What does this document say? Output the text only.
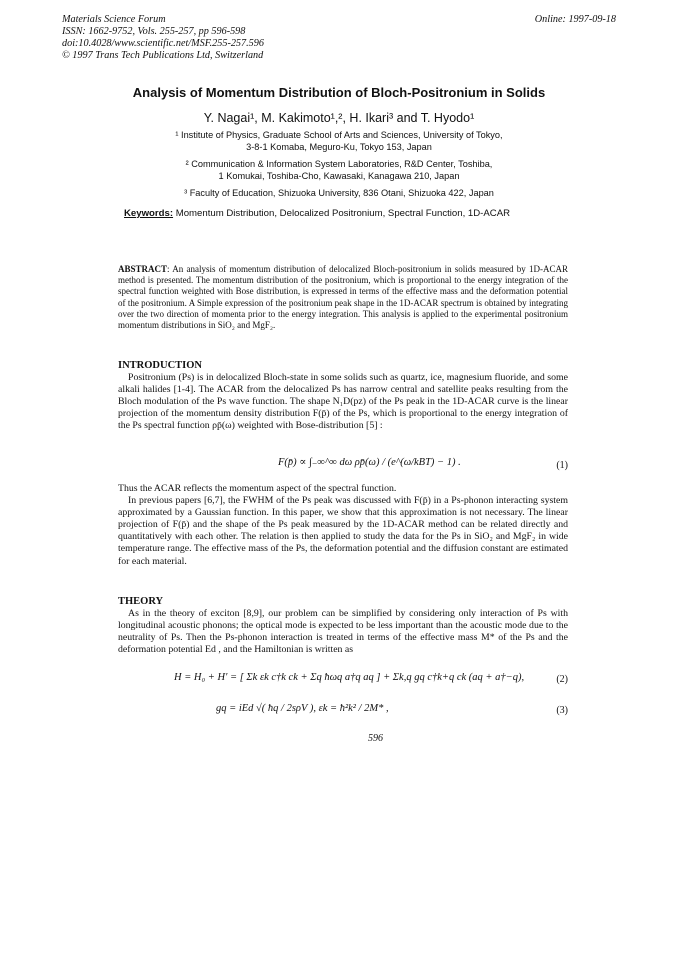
Materials Science Forum
ISSN: 1662-9752, Vols. 255-257, pp 596-598
doi:10.4028/www.scientific.net/MSF.255-257.596
© 1997 Trans Tech Publications Ltd, Switzerland
Online: 1997-09-18
Analysis of Momentum Distribution of Bloch-Positronium in Solids
Y. Nagai¹, M. Kakimoto¹,², H. Ikari³ and T. Hyodo¹
¹ Institute of Physics, Graduate School of Arts and Sciences, University of Tokyo,
3-8-1 Komaba, Meguro-Ku, Tokyo 153, Japan
² Communication & Information System Laboratories, R&D Center, Toshiba,
1 Komukai, Toshiba-Cho, Kawasaki, Kanagawa 210, Japan
³ Faculty of Education, Shizuoka University, 836 Otani, Shizuoka 422, Japan
Keywords: Momentum Distribution, Delocalized Positronium, Spectral Function, 1D-ACAR

ABSTRACT: An analysis of momentum distribution of delocalized Bloch-positronium in solids measured by 1D-ACAR method is presented. The momentum distribution of the positronium, which is proportional to the energy integration of the spectral function weighted with Bose distribution, is expressed in terms of the effective mass and the deformation potential of the positronium. A Simple expression of the positronium peak shape in the 1D-ACAR spectrum is obtained by integrating over the two direction of momenta prior to the energy integration. This analysis is applied to the experimental positronium momentum distributions in SiO₂ and MgF₂.

INTRODUCTION

Positronium (Ps) is in delocalized Bloch-state in some solids such as quartz, ice, magnesium fluoride, and some alkali halides [1-4]. The ACAR from the delocalized Ps has narrow central and satellite peaks resulting from the Bloch modulation of the Ps wave function. The shape N₁D(pz) of the Ps peak in the 1D-ACAR curve is the linear projection of the momentum density distribution F(p̄) of the Ps, which is proportional to the energy integration of the Ps spectral function ρp̄(ω) weighted with Bose-distribution [5] :

F(p̄) ∝ ∫₋∞^∞ dω ρp̄(ω) / (e^(ω/kBT) − 1) .	(1)

Thus the ACAR reflects the momentum aspect of the spectral function.

In previous papers [6,7], the FWHM of the Ps peak was discussed with F(p̄) in a Ps-phonon interacting system approximated by a Gaussian function. In this paper, we show that this approximation is not necessary. The linear projection of F(p̄) and the shape of the Ps peak measured by the 1D-ACAR method can be related directly and quantitatively with each other. The relation is then applied to study the data for the Ps in SiO₂ and MgF₂ in wide temperature range. The effective mass of the Ps, the deformation potential and the diffusion constant are estimated for each material.

THEORY

As in the theory of exciton [8,9], our problem can be simplified by considering only interaction of Ps with longitudinal acoustic phonons; the optical mode is expected to be less important than the acoustic mode due to the neutrality of Ps. Then the Ps-phonon interaction is treated in terms of the effective mass M* of the Ps and the deformation potential Ed , and the Hamiltonian is written as

H = H₀ + H′ = [ Σk εk c†k ck + Σq ħωq a†q aq ] + Σk,q gq c†k+q ck (aq + a†−q),	(2)
gq = iEd √( ħq / 2sρV ), εk = ħ²k² / 2M* ,	(3)
596
